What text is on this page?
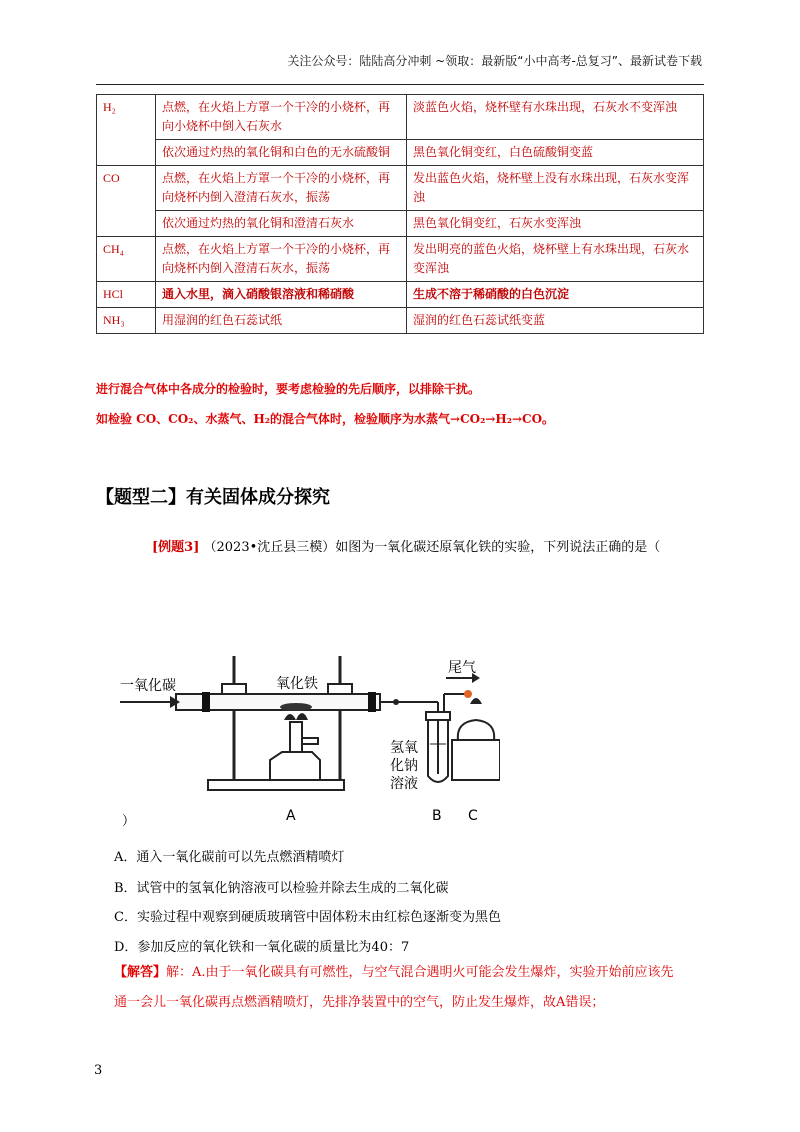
关注公众号：陆陆高分冲刺 ~领取：最新版“小中高考-总复习”、最新试卷下载
H₂	点燃，在火焰上方罩一个干冷的小烧杯，再向小烧杯中倒入石灰水	淡蓝色火焰，烧杯壁有水珠出现，石灰水不变浑浊
	依次通过灼热的氧化铜和白色的无水硫酸铜	黑色氧化铜变红，白色硫酸铜变蓝
CO	点燃，在火焰上方罩一个干冷的小烧杯，再向烧杯内倒入澄清石灰水，振荡	发出蓝色火焰，烧杯壁上没有水珠出现，石灰水变浑浊
	依次通过灼热的氧化铜和澄清石灰水	黑色氧化铜变红，石灰水变浑浊
CH₄	点燃，在火焰上方罩一个干冷的小烧杯，再向烧杯内倒入澄清石灰水，振荡	发出明亮的蓝色火焰，烧杯壁上有水珠出现，石灰水变浑浊
HCl	通入水里，滴入硝酸银溶液和稀硝酸	生成不溶于稀硝酸的白色沉淀
NH₃	用湿润的红色石蕊试纸	湿润的红色石蕊试纸变蓝
进行混合气体中各成分的检验时，要考虑检验的先后顺序，以排除干扰。
如检验 CO、CO₂、水蒸气、H₂的混合气体时，检验顺序为水蒸气→CO₂→H₂→CO。
【题型二】有关固体成分探究
[例题3] （2023•沈丘县三模）如图为一氧化碳还原氧化铁的实验，下列说法正确的是（
一氧化碳	氧化铁
尾气
氢氧
化钠
溶液
A	B C
）
A．通入一氧化碳前可以先点燃酒精喷灯
B．试管中的氢氧化钠溶液可以检验并除去生成的二氧化碳
C．实验过程中观察到硬质玻璃管中固体粉末由红棕色逐渐变为黑色
D．参加反应的氧化铁和一氧化碳的质量比为40：7
【解答】解：A.由于一氧化碳具有可燃性，与空气混合遇明火可能会发生爆炸，实验开始前应该先通一会儿一氧化碳再点燃酒精喷灯，先排净装置中的空气，防止发生爆炸，故A错误；
3
